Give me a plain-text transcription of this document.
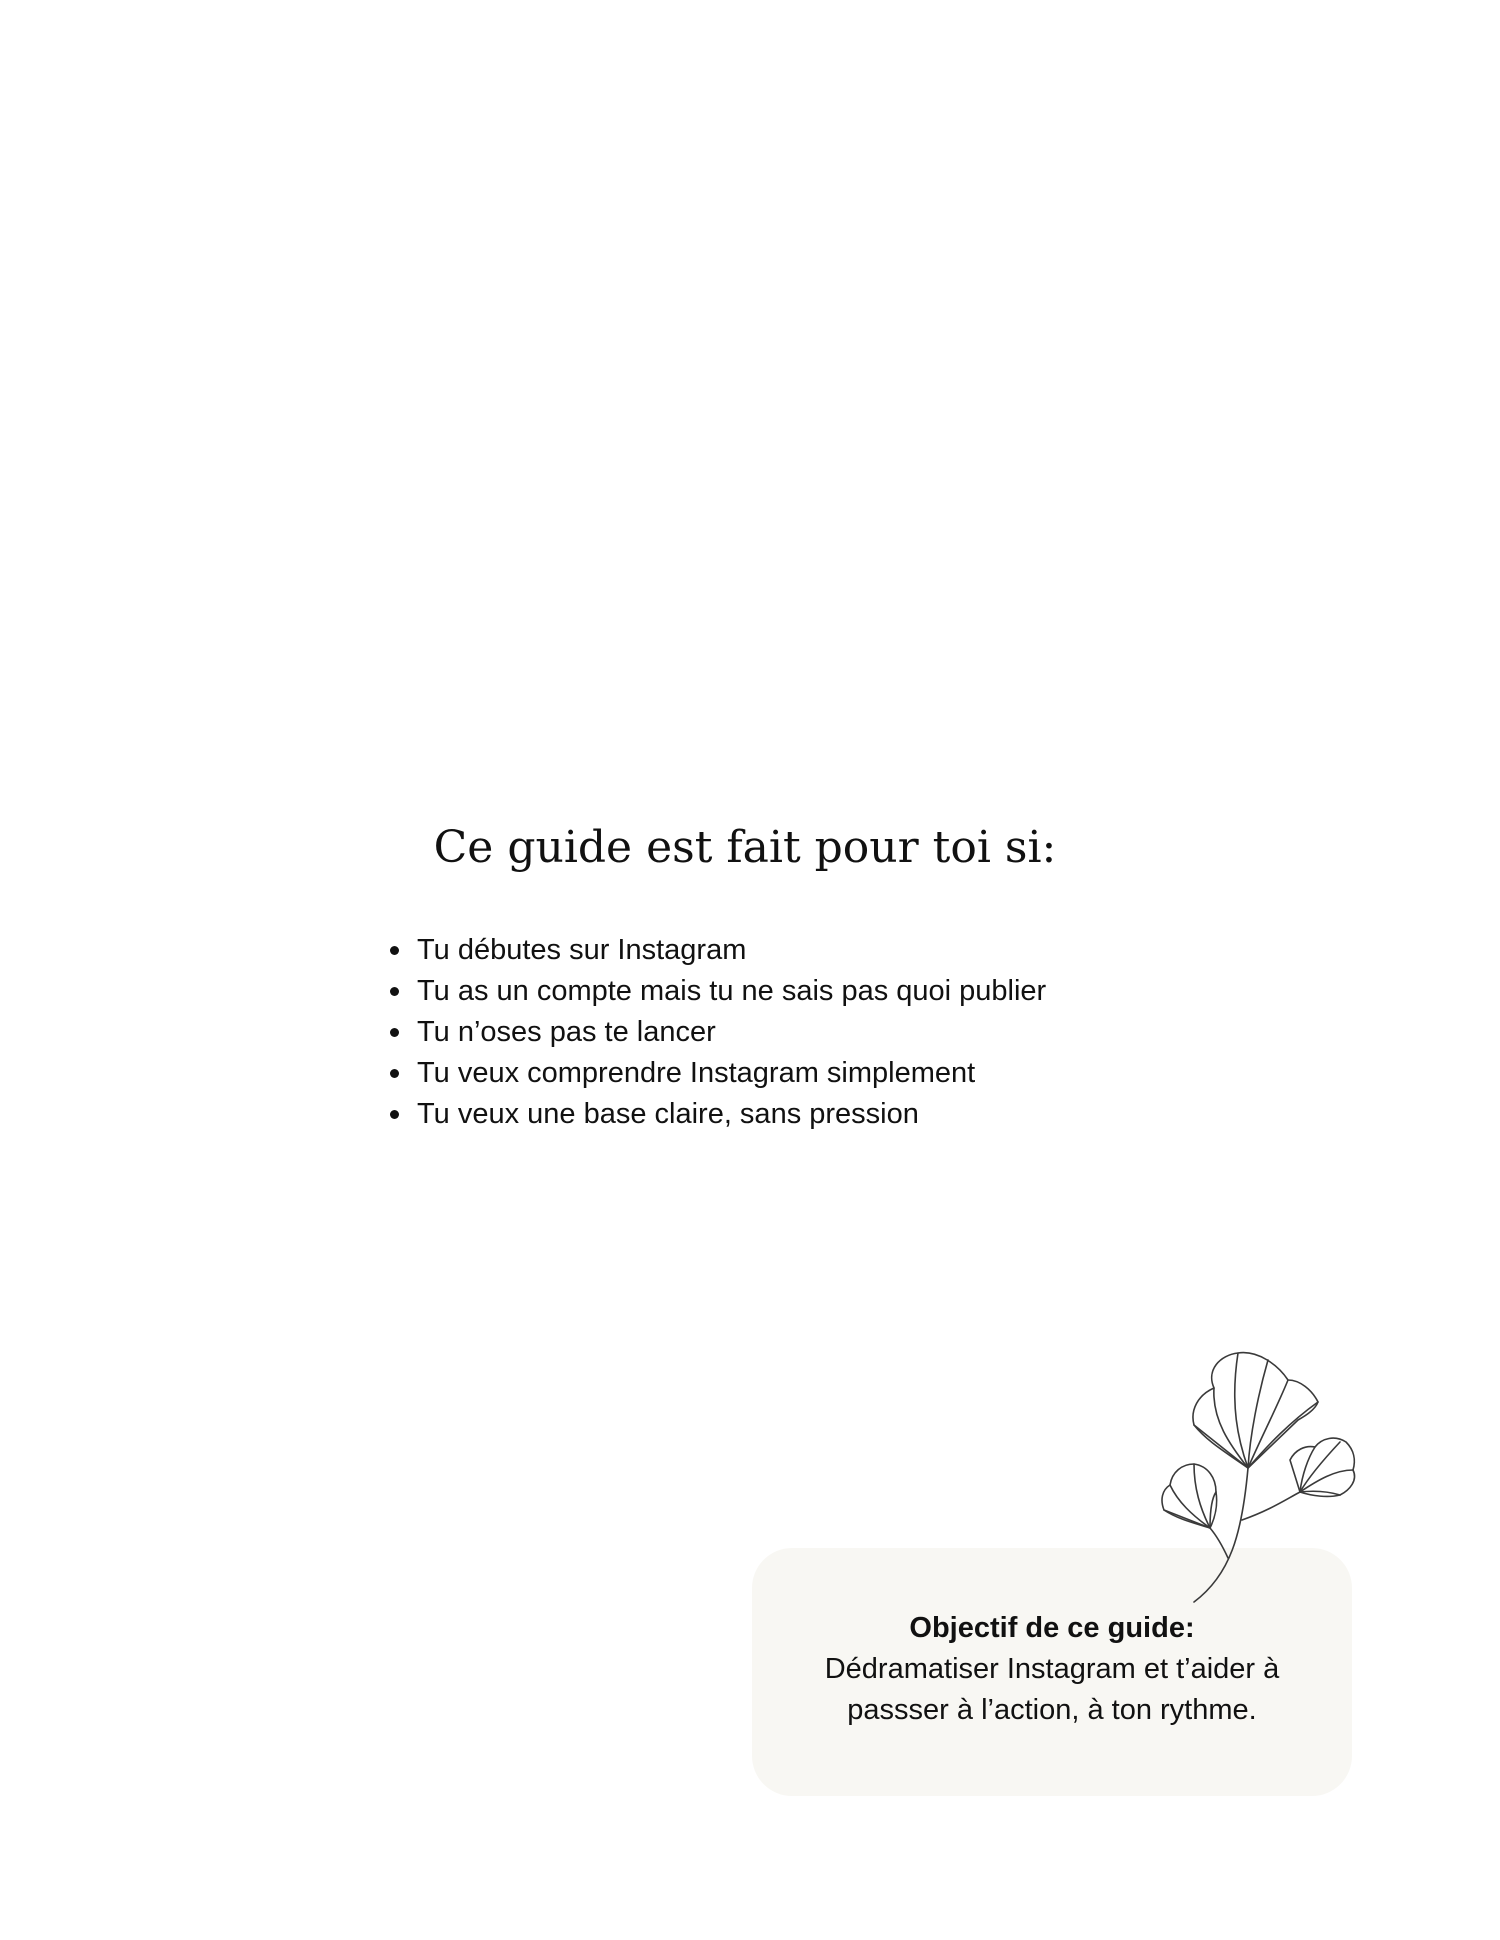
Ce guide est fait pour toi si:
Tu débutes sur Instagram
Tu as un compte mais tu ne sais pas quoi publier
Tu n’oses pas te lancer
Tu veux comprendre Instagram simplement
Tu veux une base claire, sans pression
Objectif de ce guide:
Dédramatiser Instagram et t’aider à passser à l’action, à ton rythme.
